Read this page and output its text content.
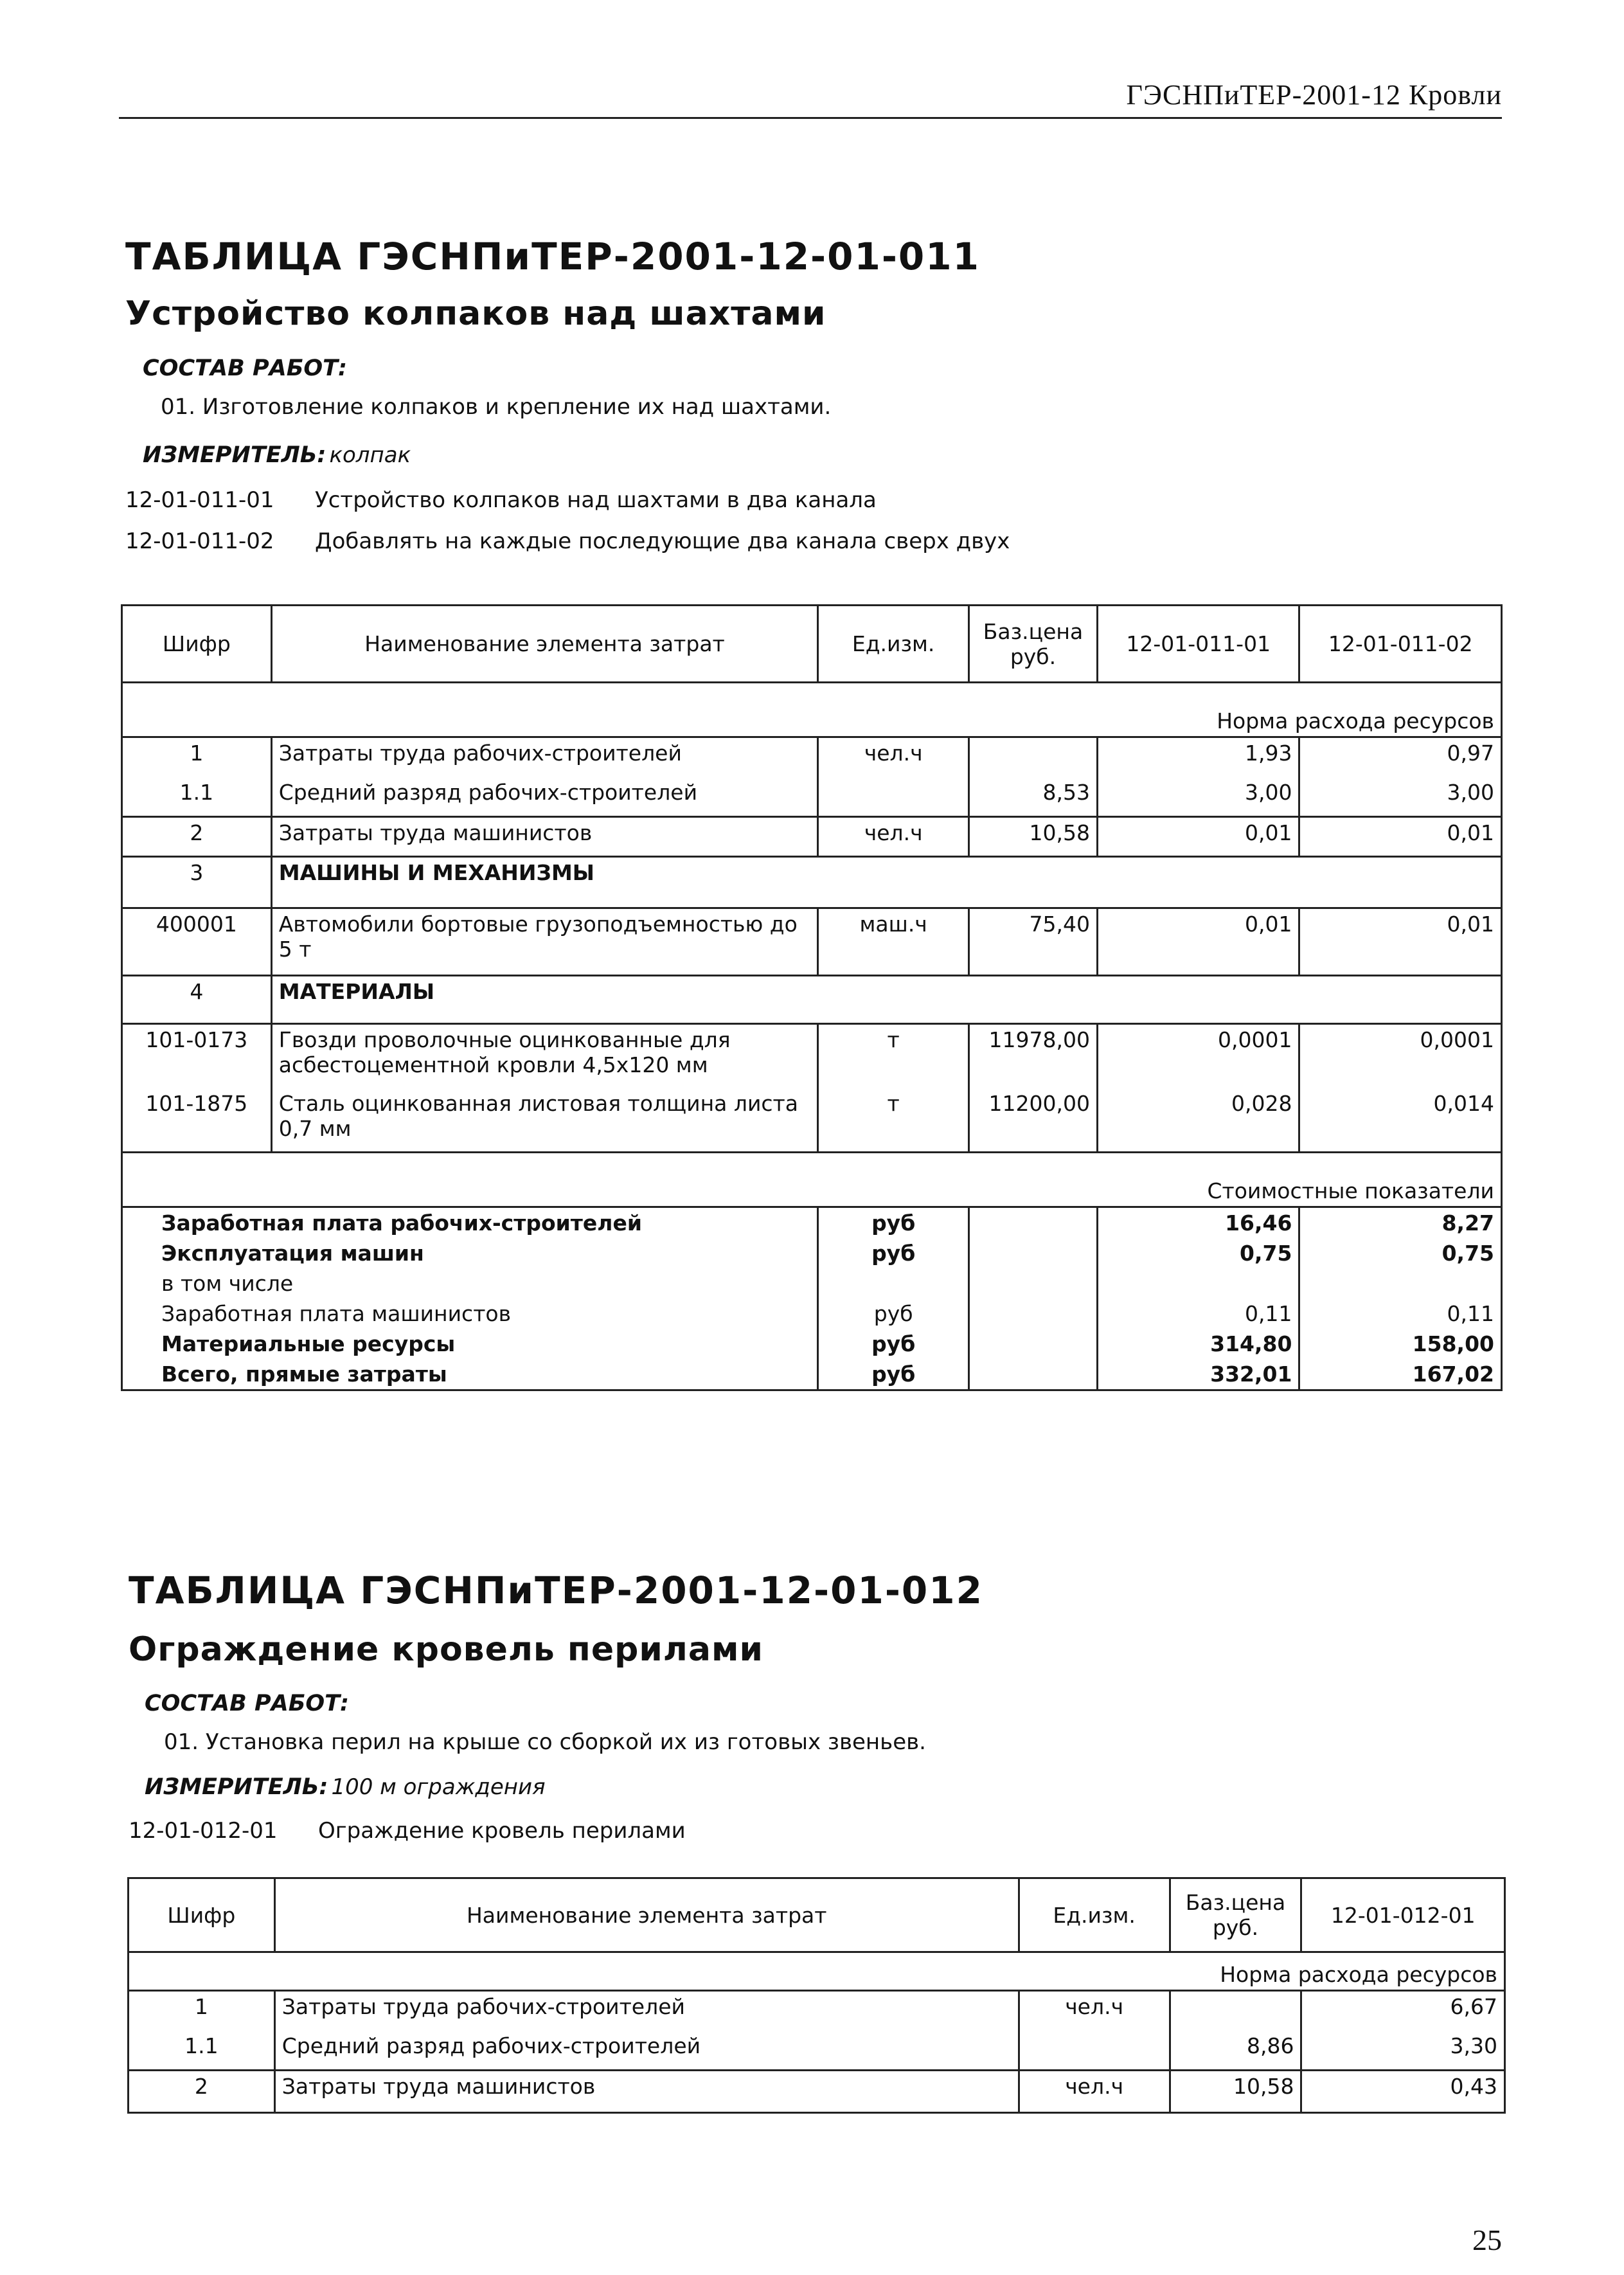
ГЭСНПиТЕР-2001-12 Кровли
ТАБЛИЦА ГЭСНПиТЕР-2001-12-01-011
Устройство колпаков над шахтами
СОСТАВ РАБОТ:
01. Изготовление колпаков и крепление их над шахтами.
ИЗМЕРИТЕЛЬ: колпак
12-01-011-01 Устройство колпаков над шахтами в два канала
12-01-011-02 Добавлять на каждые последующие два канала сверх двух
Шифр	Наименование элемента затрат	Ед.изм.	Баз.цена руб.	12-01-011-01	12-01-011-02
Норма расхода ресурсов					
1	Затраты труда рабочих-строителей	чел.ч		1,93	0,97
1.1	Средний разряд рабочих-строителей		8,53	3,00	3,00
2	Затраты труда машинистов	чел.ч	10,58	0,01	0,01
3	МАШИНЫ И МЕХАНИЗМЫ				
400001	Автомобили бортовые грузоподъемностью до 5 т	маш.ч	75,40	0,01	0,01
4	МАТЕРИАЛЫ				
101-0173	Гвозди проволочные оцинкованные для асбестоцементной кровли 4,5х120 мм	т	11978,00	0,0001	0,0001
101-1875	Сталь оцинкованная листовая толщина листа 0,7 мм	т	11200,00	0,028	0,014
Стоимостные показатели					
Заработная плата рабочих-строителей		руб		16,46	8,27
Эксплуатация машин		руб		0,75	0,75
в том числе					
Заработная плата машинистов		руб		0,11	0,11
Материальные ресурсы		руб		314,80	158,00
Всего, прямые затраты		руб		332,01	167,02
ТАБЛИЦА ГЭСНПиТЕР-2001-12-01-012
Ограждение кровель перилами
СОСТАВ РАБОТ:
01. Установка перил на крыше со сборкой их из готовых звеньев.
ИЗМЕРИТЕЛЬ: 100 м ограждения
12-01-012-01 Ограждение кровель перилами
Шифр	Наименование элемента затрат	Ед.изм.	Баз.цена руб.	12-01-012-01
Норма расхода ресурсов				
1	Затраты труда рабочих-строителей	чел.ч		6,67
1.1	Средний разряд рабочих-строителей		8,86	3,30
2	Затраты труда машинистов	чел.ч	10,58	0,43
25
